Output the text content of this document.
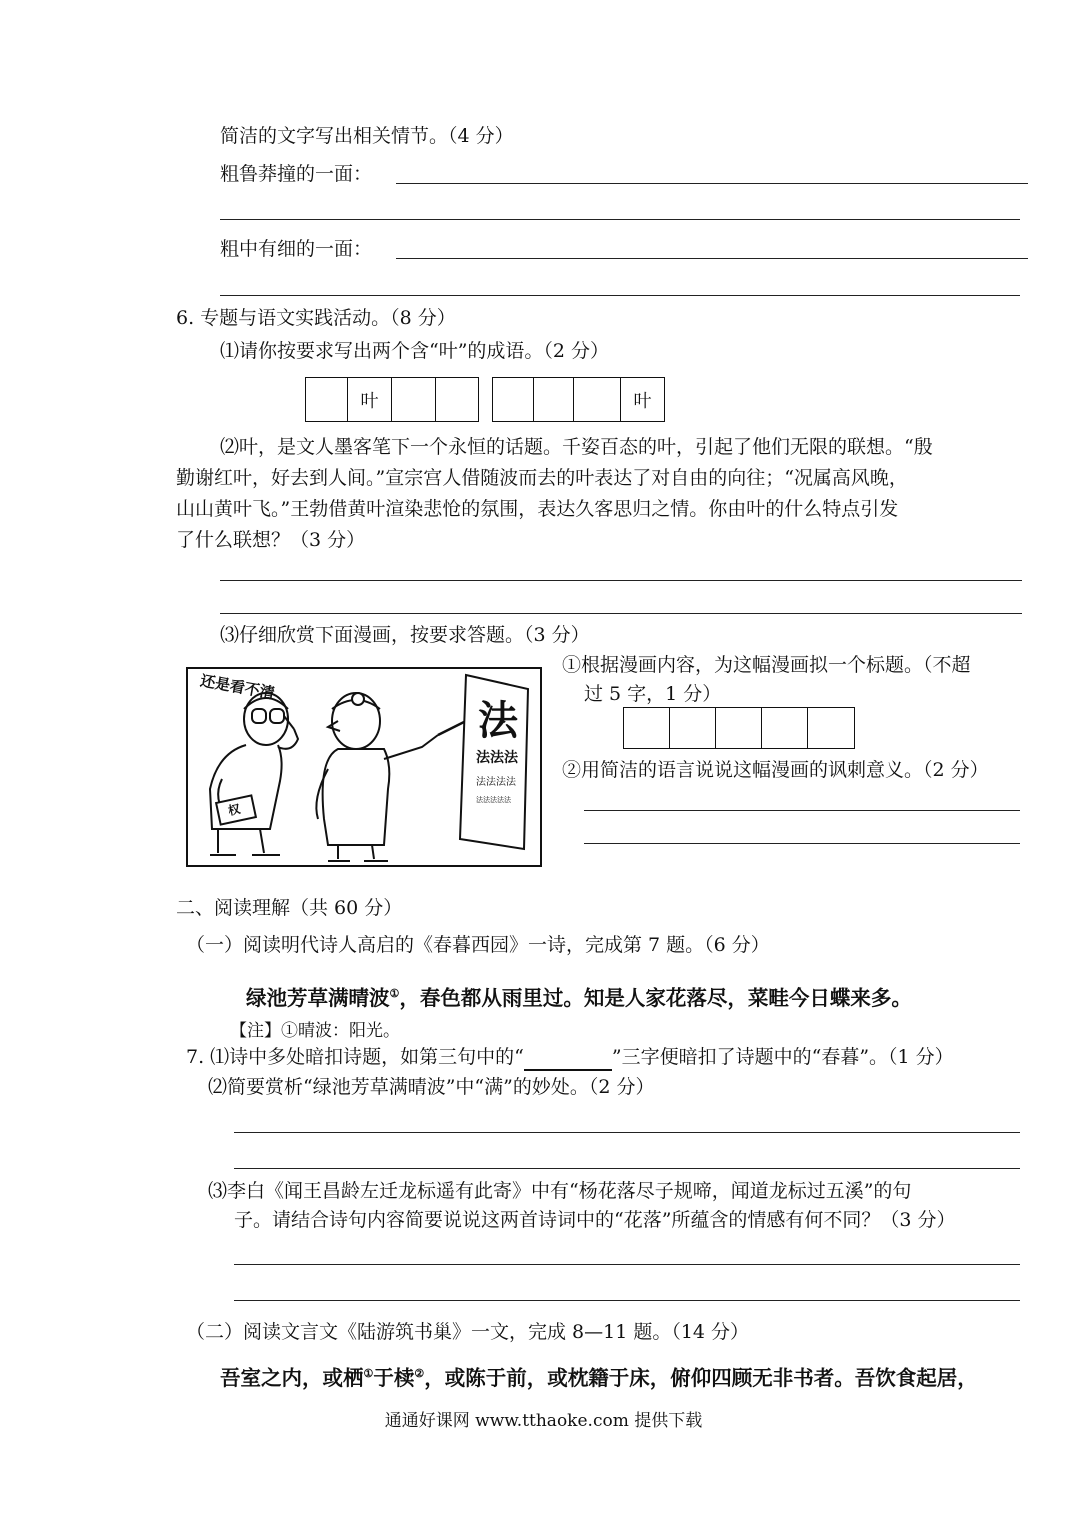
简洁的文字写出相关情节。（4 分）
粗鲁莽撞的一面：
粗中有细的一面：
6. 专题与语文实践活动。（8 分）
⑴请你按要求写出两个含“叶”的成语。（2 分）
叶	叶
⑵叶，是文人墨客笔下一个永恒的话题。千姿百态的叶，引起了他们无限的联想。“殷
勤谢红叶，好去到人间。”宣宗宫人借随波而去的叶表达了对自由的向往；“况属高风晚，
山山黄叶飞。”王勃借黄叶渲染悲怆的氛围，表达久客思归之情。你由叶的什么特点引发
了什么联想？（3 分）
⑶仔细欣赏下面漫画，按要求答题。（3 分）
法
法法法
法法法法
法法法法法
权
还是看不清
①根据漫画内容，为这幅漫画拟一个标题。（不超
过 5 字，1 分）
②用简洁的语言说说这幅漫画的讽刺意义。（2 分）
二、阅读理解（共 60 分）
（一）阅读明代诗人高启的《春暮西园》一诗，完成第 7 题。（6 分）
绿池芳草满晴波①，春色都从雨里过。知是人家花落尽，菜畦今日蝶来多。
【注】①晴波：阳光。
7. ⑴诗中多处暗扣诗题，如第三句中的“	”三字便暗扣了诗题中的“春暮”。（1 分）
⑵简要赏析“绿池芳草满晴波”中“满”的妙处。（2 分）
⑶李白《闻王昌龄左迁龙标遥有此寄》中有“杨花落尽子规啼，闻道龙标过五溪”的句
子。请结合诗句内容简要说说这两首诗词中的“花落”所蕴含的情感有何不同？（3 分）
（二）阅读文言文《陆游筑书巢》一文，完成 8—11 题。（14 分）
吾室之内，或栖①于椟②，或陈于前，或枕籍于床，俯仰四顾无非书者。吾饮食起居，
通通好课网 www.tthaoke.com 提供下载
